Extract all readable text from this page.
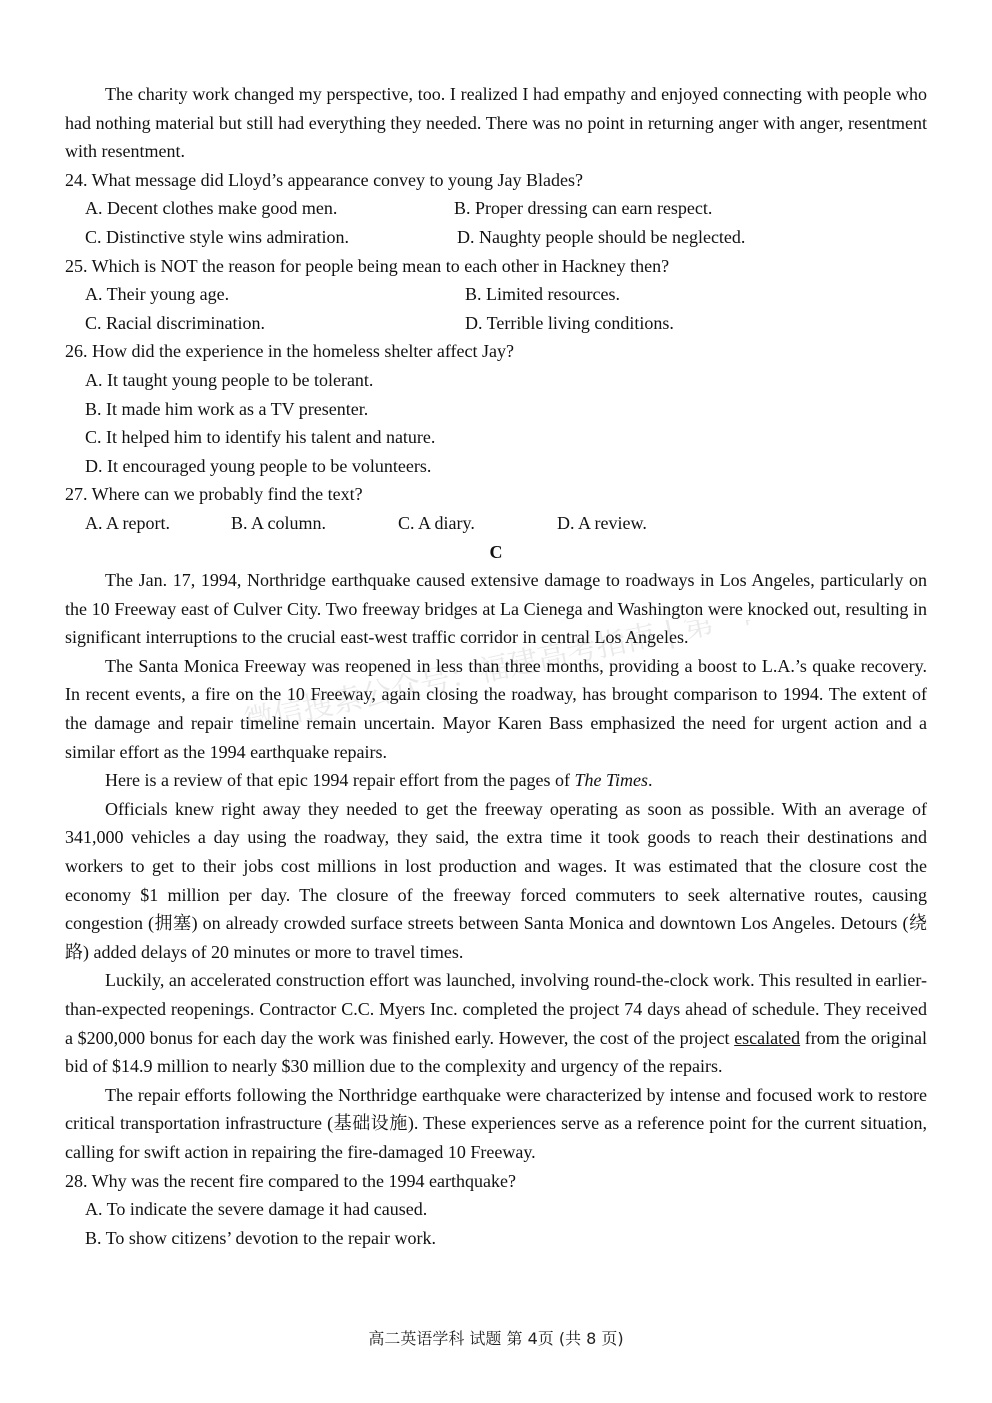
微信搜索公众号：福建高考指南 |

The charity work changed my perspective, too. I realized I had empathy and enjoyed connecting with people who had nothing material but still had everything they needed. There was no point in returning anger with anger, resentment with resentment.

24. What message did Lloyd’s appearance convey to young Jay Blades?

A. Decent clothes make good men.	B. Proper dressing can earn respect.
C. Distinctive style wins admiration.	D. Naughty people should be neglected.

25. Which is NOT the reason for people being mean to each other in Hackney then?

A. Their young age.	B. Limited resources.
C. Racial discrimination.	D. Terrible living conditions.

26. How did the experience in the homeless shelter affect Jay?

A. It taught young people to be tolerant.

B. It made him work as a TV presenter.

C. It helped him to identify his talent and nature.

D. It encouraged young people to be volunteers.

27. Where can we probably find the text?

A. A report.	B. A column.	C. A diary.	D. A review.

C

The Jan. 17, 1994, Northridge earthquake caused extensive damage to roadways in Los Angeles, particularly on the 10 Freeway east of Culver City. Two freeway bridges at La Cienega and Washington were knocked out, resulting in significant interruptions to the crucial east-west traffic corridor in central Los Angeles.

The Santa Monica Freeway was reopened in less than three months, providing a boost to L.A.’s quake recovery. In recent events, a fire on the 10 Freeway, again closing the roadway, has brought comparison to 1994. The extent of the damage and repair timeline remain uncertain. Mayor Karen Bass emphasized the need for urgent action and a similar effort as the 1994 earthquake repairs.

Here is a review of that epic 1994 repair effort from the pages of The Times.

Officials knew right away they needed to get the freeway operating as soon as possible. With an average of 341,000 vehicles a day using the roadway, they said, the extra time it took goods to reach their destinations and workers to get to their jobs cost millions in lost production and wages. It was estimated that the closure cost the economy $1 million per day. The closure of the freeway forced commuters to seek alternative routes, causing congestion (拥塞) on already crowded surface streets between Santa Monica and downtown Los Angeles. Detours (绕路) added delays of 20 minutes or more to travel times.

Luckily, an accelerated construction effort was launched, involving round-the-clock work. This resulted in earlier-than-expected reopenings. Contractor C.C. Myers Inc. completed the project 74 days ahead of schedule. They received a $200,000 bonus for each day the work was finished early. However, the cost of the project escalated from the original bid of $14.9 million to nearly $30 million due to the complexity and urgency of the repairs.

The repair efforts following the Northridge earthquake were characterized by intense and focused work to restore critical transportation infrastructure (基础设施). These experiences serve as a reference point for the current situation, calling for swift action in repairing the fire-damaged 10 Freeway.

28. Why was the recent fire compared to the 1994 earthquake?

A. To indicate the severe damage it had caused.

B. To show citizens’ devotion to the repair work.

高二英语学科 试题 第 4页 (共 8 页)
